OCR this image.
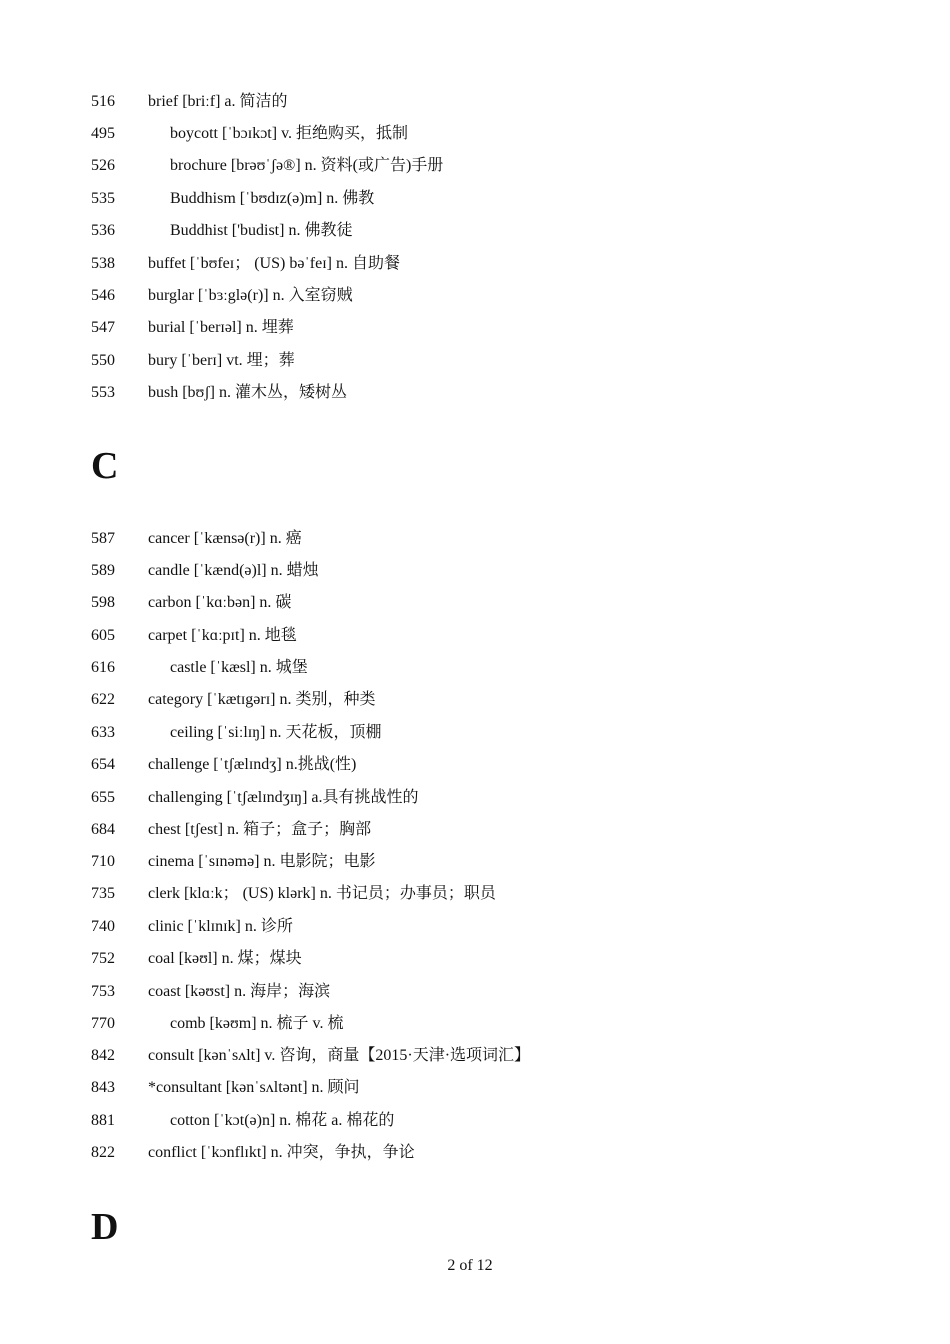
516	brief [briːf] a. 简洁的
495	boycott [ˈbɔɪkɔt] v. 拒绝购买，抵制
526	brochure [brəʊˈʃə®] n. 资料(或广告)手册
535	Buddhism [ˈbʊdɪz(ə)m] n. 佛教
536	Buddhist ['budist] n. 佛教徒
538	buffet [ˈbʊfeɪ； (US) bəˈfeɪ] n. 自助餐
546	burglar [ˈbɜːglə(r)] n. 入室窃贼
547	burial [ˈberɪəl] n. 埋葬
550	bury [ˈberɪ] vt. 埋；葬
553	bush [bʊʃ] n. 灌木丛，矮树丛
C
587	cancer [ˈkænsə(r)] n. 癌
589	candle [ˈkænd(ə)l] n. 蜡烛
598	carbon [ˈkɑːbən] n. 碳
605	carpet [ˈkɑːpɪt] n. 地毯
616	castle [ˈkæsl] n. 城堡
622	category [ˈkætɪgərɪ] n. 类别，种类
633	ceiling [ˈsiːlɪŋ] n. 天花板，顶棚
654	challenge [ˈtʃælɪndʒ] n.挑战(性)
655	challenging [ˈtʃælɪndʒɪŋ] a.具有挑战性的
684	chest [tʃest] n. 箱子；盒子；胸部
710	cinema [ˈsɪnəmə] n. 电影院；电影
735	clerk [klɑːk； (US) klərk] n. 书记员；办事员；职员
740	clinic [ˈklɪnɪk] n. 诊所
752	coal [kəʊl] n. 煤；煤块
753	coast [kəʊst] n. 海岸；海滨
770	comb [kəʊm] n. 梳子 v. 梳
842	consult [kənˈsʌlt] v. 咨询，商量【2015·天津·选项词汇】
843	*consultant [kənˈsʌltənt] n. 顾问
881	cotton [ˈkɔt(ə)n] n. 棉花 a. 棉花的
822	conflict [ˈkɔnflɪkt] n. 冲突，争执，争论
D
2 of 12
